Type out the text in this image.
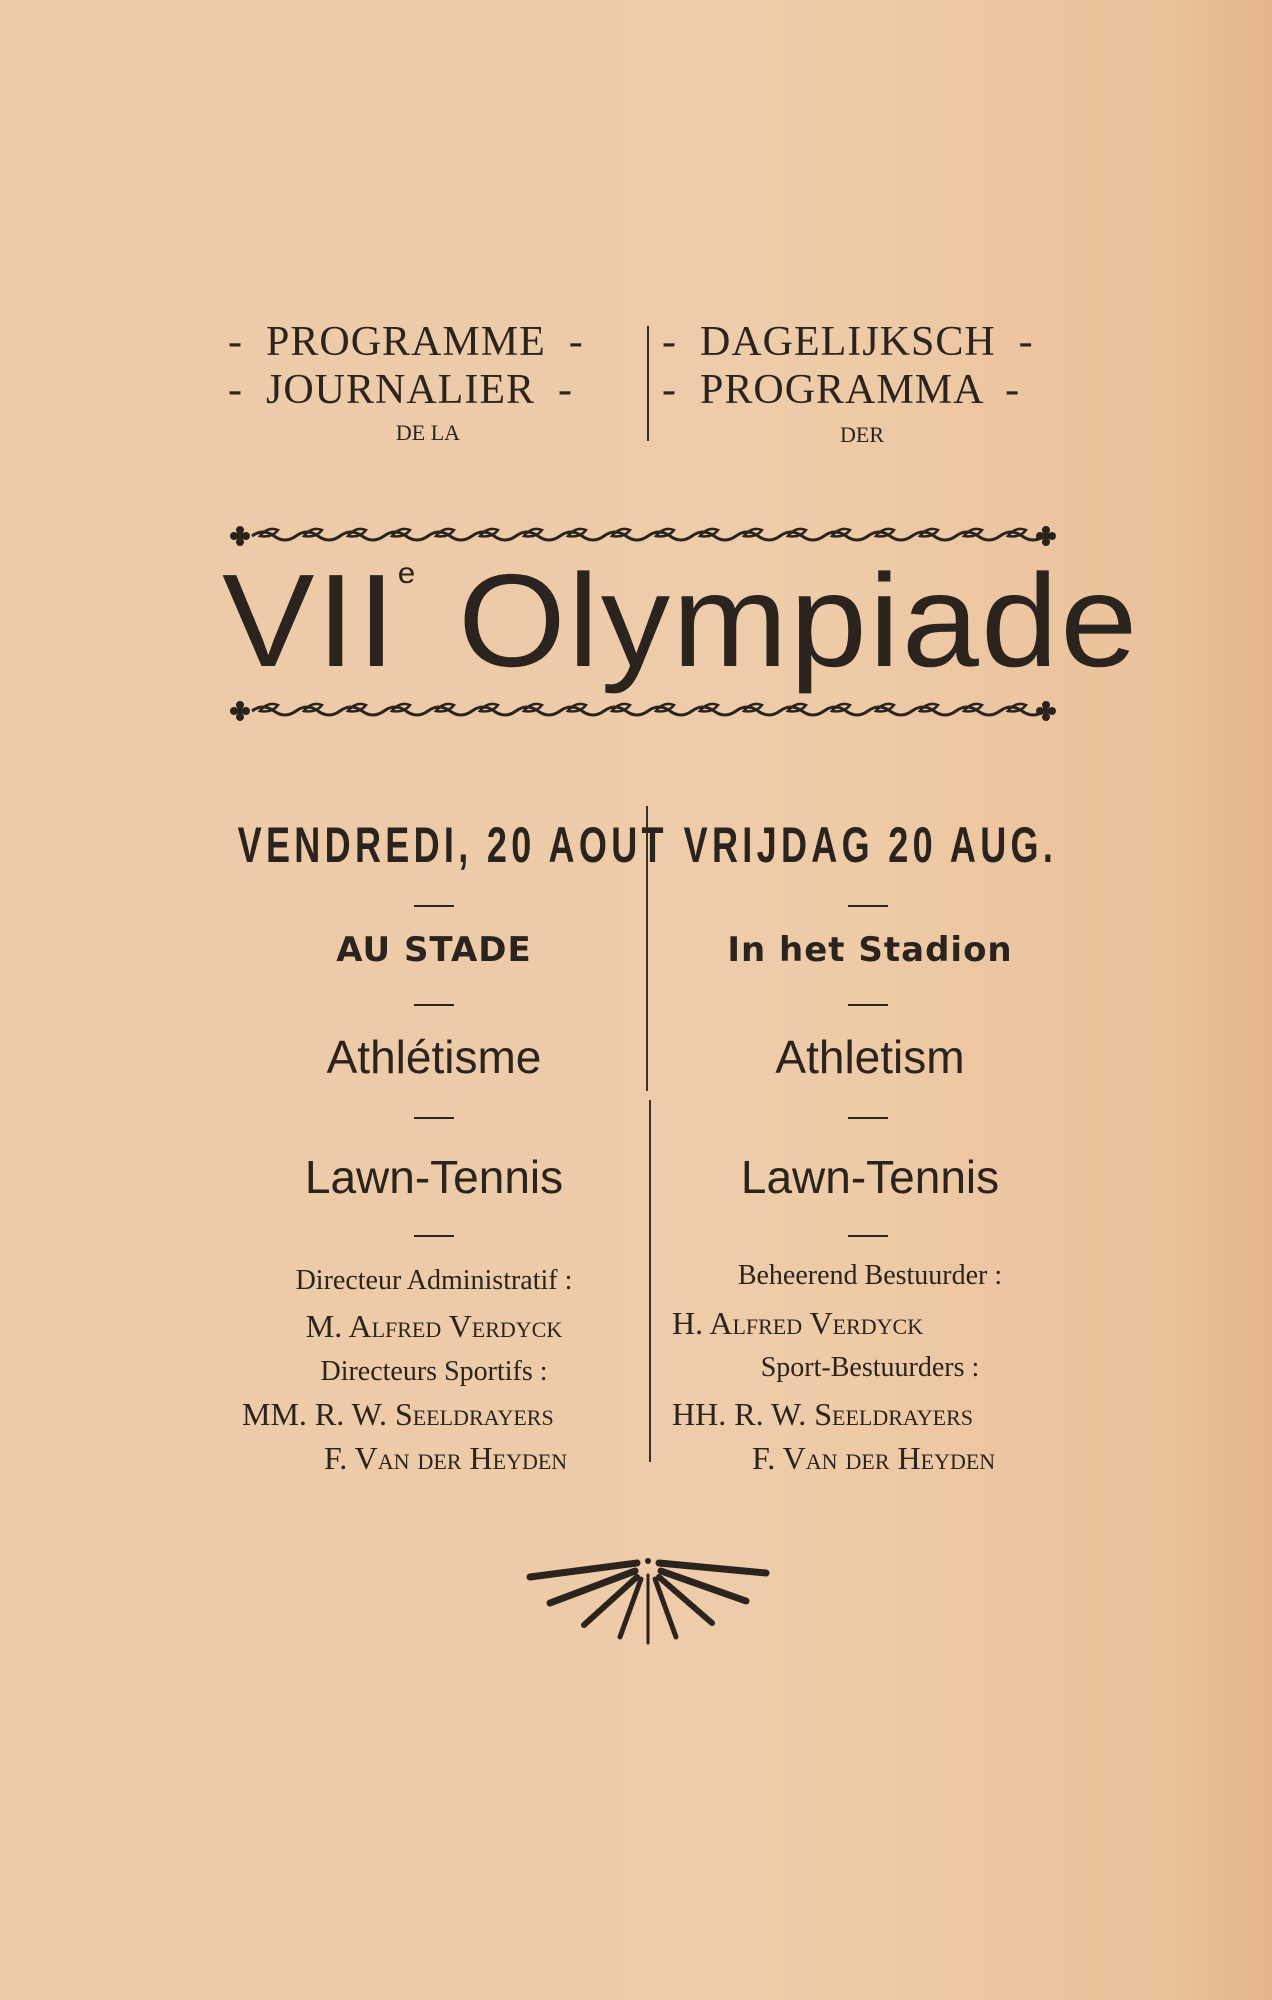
-  PROGRAMME  -
-  JOURNALIER  -
DE LA
-  DAGELIJKSCH  -
-  PROGRAMMA  -
DER
VIIe Olympiade
VENDREDI, 20 AOUT
AU STADE
Athlétisme
Lawn-Tennis
Directeur Administratif :
M. Alfred Verdyck
Directeurs Sportifs :
MM. R. W. Seeldrayers
F. Van der Heyden
VRIJDAG 20 AUG.
In het Stadion
Athletism
Lawn-Tennis
Beheerend Bestuurder :
H. Alfred Verdyck
Sport-Bestuurders :
HH. R. W. Seeldrayers
F. Van der Heyden
